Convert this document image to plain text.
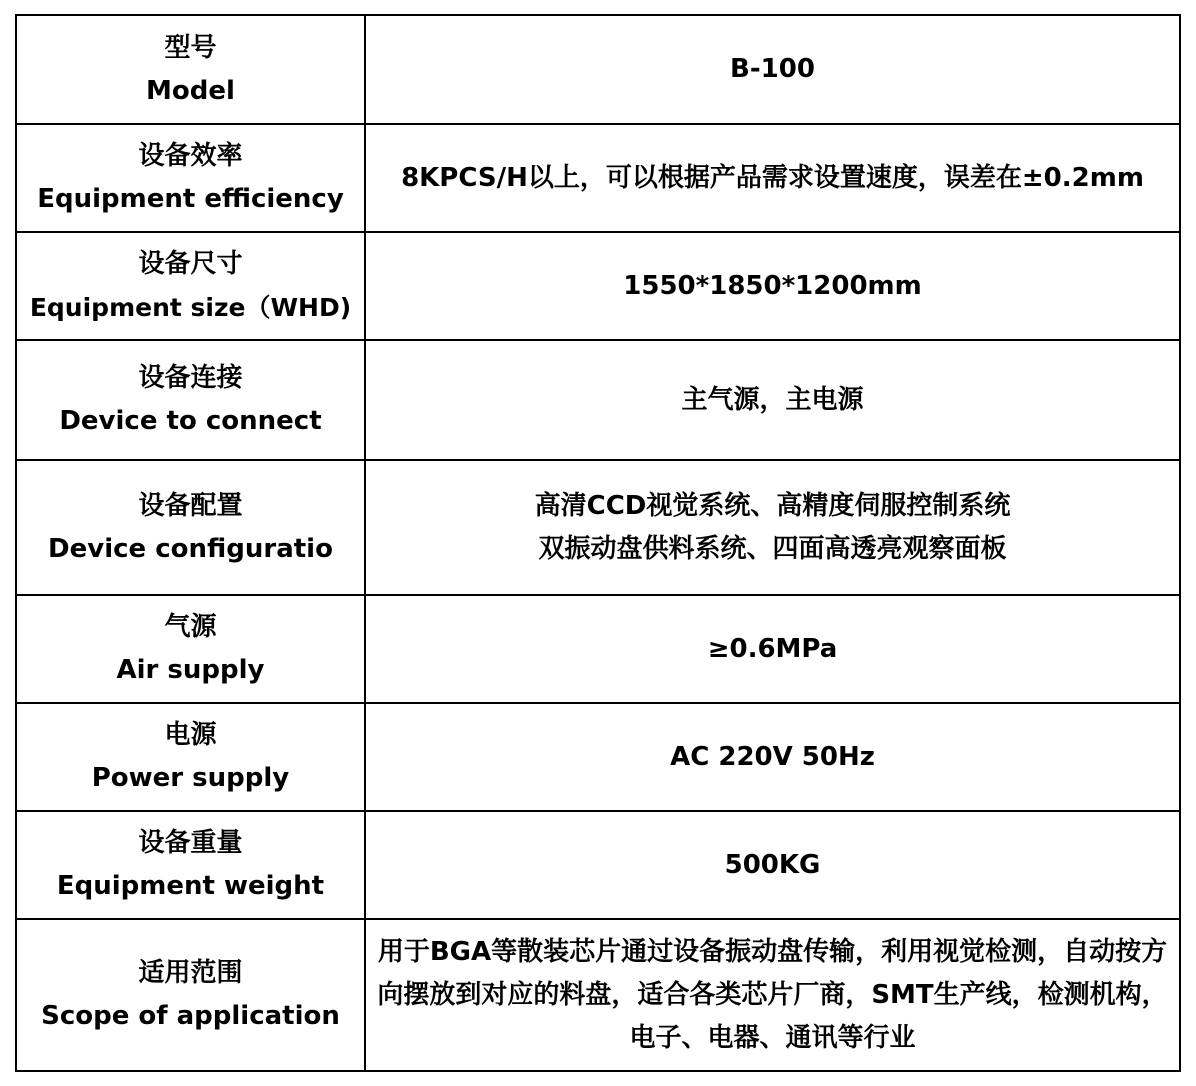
型号
Model	B-100

设备效率
Equipment efficiency	8KPCS/H以上，可以根据产品需求设置速度，误差在±0.2mm

设备尺寸
Equipment size（WHD)	1550*1850*1200mm

设备连接
Device to connect	主气源，主电源

设备配置
Device configuratio	高清CCD视觉系统、高精度伺服控制系统
双振动盘供料系统、四面高透亮观察面板

气源
Air supply	≥0.6MPa

电源
Power supply	AC 220V 50Hz

设备重量
Equipment weight	500KG

适用范围
Scope of application	用于BGA等散装芯片通过设备振动盘传输，利用视觉检测，自动按方
向摆放到对应的料盘，适合各类芯片厂商，SMT生产线，检测机构，
电子、电器、通讯等行业
